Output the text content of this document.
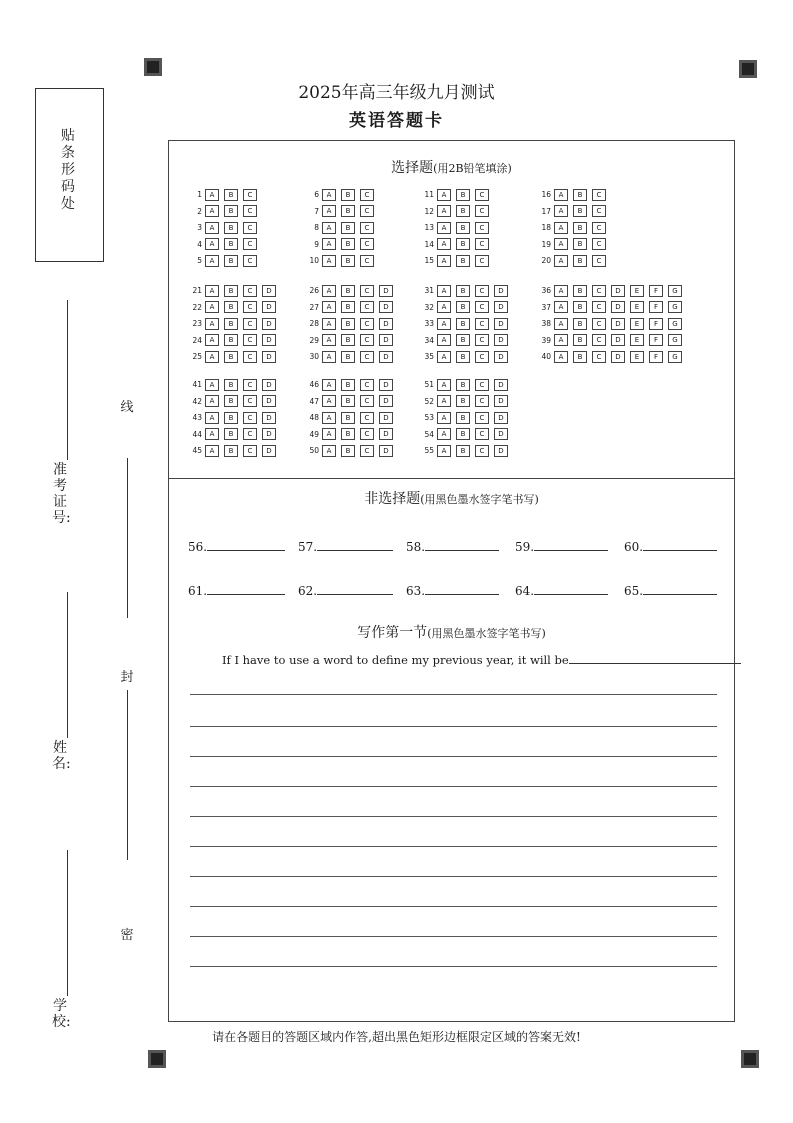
2025年高三年级九月测试
英语答题卡
贴条形码处
准考证号:
姓名:
学校:
线
封
密
选择题(用2B铅笔填涂)
1	A	B	C
2	A	B	C
3	A	B	C
4	A	B	C
5	A	B	C
6	A	B	C
7	A	B	C
8	A	B	C
9	A	B	C
10	A	B	C
11	A	B	C
12	A	B	C
13	A	B	C
14	A	B	C
15	A	B	C
16	A	B	C
17	A	B	C
18	A	B	C
19	A	B	C
20	A	B	C
21	A	B	C	D
22	A	B	C	D
23	A	B	C	D
24	A	B	C	D
25	A	B	C	D
26	A	B	C	D
27	A	B	C	D
28	A	B	C	D
29	A	B	C	D
30	A	B	C	D
31	A	B	C	D
32	A	B	C	D
33	A	B	C	D
34	A	B	C	D
35	A	B	C	D
36	A	B	C	D	E	F	G
37	A	B	C	D	E	F	G
38	A	B	C	D	E	F	G
39	A	B	C	D	E	F	G
40	A	B	C	D	E	F	G
41	A	B	C	D
42	A	B	C	D
43	A	B	C	D
44	A	B	C	D
45	A	B	C	D
46	A	B	C	D
47	A	B	C	D
48	A	B	C	D
49	A	B	C	D
50	A	B	C	D
51	A	B	C	D
52	A	B	C	D
53	A	B	C	D
54	A	B	C	D
55	A	B	C	D
非选择题(用黑色墨水签字笔书写)
56.	57.	58.	59.	60.
61.	62.	63.	64.	65.
写作第一节(用黑色墨水签字笔书写)
If I have to use a word to define my previous year, it will be
请在各题目的答题区域内作答,超出黑色矩形边框限定区域的答案无效!
